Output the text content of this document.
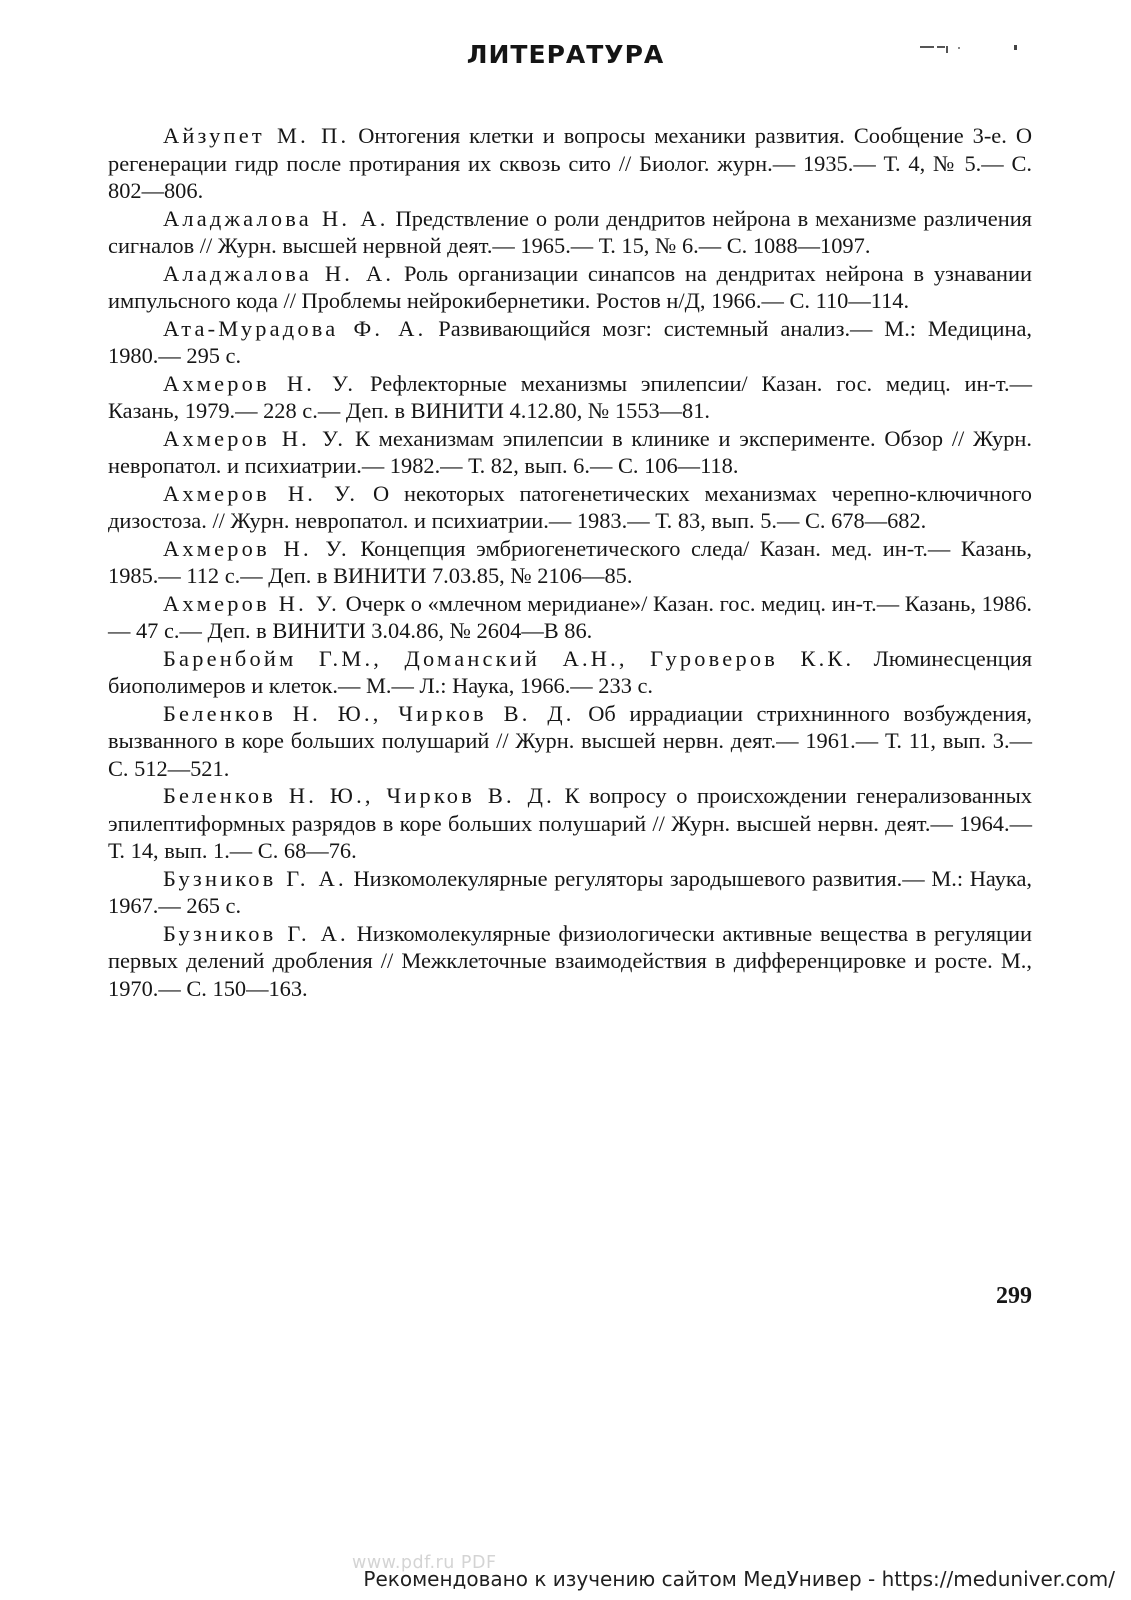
ЛИТЕРАТУРА
Айзупет М. П. Онтогения клетки и вопросы механики развития. Сообщение 3-е. О регенерации гидр после протирания их сквозь сито // Биолог. журн.— 1935.— Т. 4, № 5.— С. 802—806.
Аладжалова Н. А. Предствление о роли дендритов нейрона в механизме различения сигналов // Журн. высшей нервной деят.— 1965.— Т. 15, № 6.— С. 1088—1097.
Аладжалова Н. А. Роль организации синапсов на дендритах нейрона в узнавании импульсного кода // Проблемы нейрокибернетики. Ростов н/Д, 1966.— С. 110—114.
Ата-Мурадова Ф. А. Развивающийся мозг: системный анализ.— М.: Медицина, 1980.— 295 с.
Ахмеров Н. У. Рефлекторные механизмы эпилепсии/ Казан. гос. медиц. ин-т.— Казань, 1979.— 228 с.— Деп. в ВИНИТИ 4.12.80, № 1553—81.
Ахмеров Н. У. К механизмам эпилепсии в клинике и эксперименте. Обзор // Журн. невропатол. и психиатрии.— 1982.— Т. 82, вып. 6.— С. 106—118.
Ахмеров Н. У. О некоторых патогенетических механизмах черепно-ключичного дизостоза. // Журн. невропатол. и психиатрии.— 1983.— Т. 83, вып. 5.— С. 678—682.
Ахмеров Н. У. Концепция эмбриогенетического следа/ Казан. мед. ин-т.— Казань, 1985.— 112 с.— Деп. в ВИНИТИ 7.03.85, № 2106—85.
Ахмеров Н. У. Очерк о «млечном меридиане»/ Казан. гос. медиц. ин-т.— Казань, 1986.— 47 с.— Деп. в ВИНИТИ 3.04.86, № 2604—В 86.
Баренбойм Г.М., Доманский А.Н., Гуроверов К.К. Люминесценция биополимеров и клеток.— М.— Л.: Наука, 1966.— 233 с.
Беленков Н. Ю., Чирков В. Д. Об иррадиации стрихнинного возбуждения, вызванного в коре больших полушарий // Журн. высшей нервн. деят.— 1961.— Т. 11, вып. 3.— С. 512—521.
Беленков Н. Ю., Чирков В. Д. К вопросу о происхождении генерализованных эпилептиформных разрядов в коре больших полушарий // Журн. высшей нервн. деят.— 1964.— Т. 14, вып. 1.— С. 68—76.
Бузников Г. А. Низкомолекулярные регуляторы зародышевого развития.— М.: Наука, 1967.— 265 с.
Бузников Г. А. Низкомолекулярные физиологически активные вещества в регуляции первых делений дробления // Межклеточные взаимодействия в дифференцировке и росте. М., 1970.— С. 150—163.
299
www.pdf.ru PDF
Рекомендовано к изучению сайтом МедУнивер - https://meduniver.com/
